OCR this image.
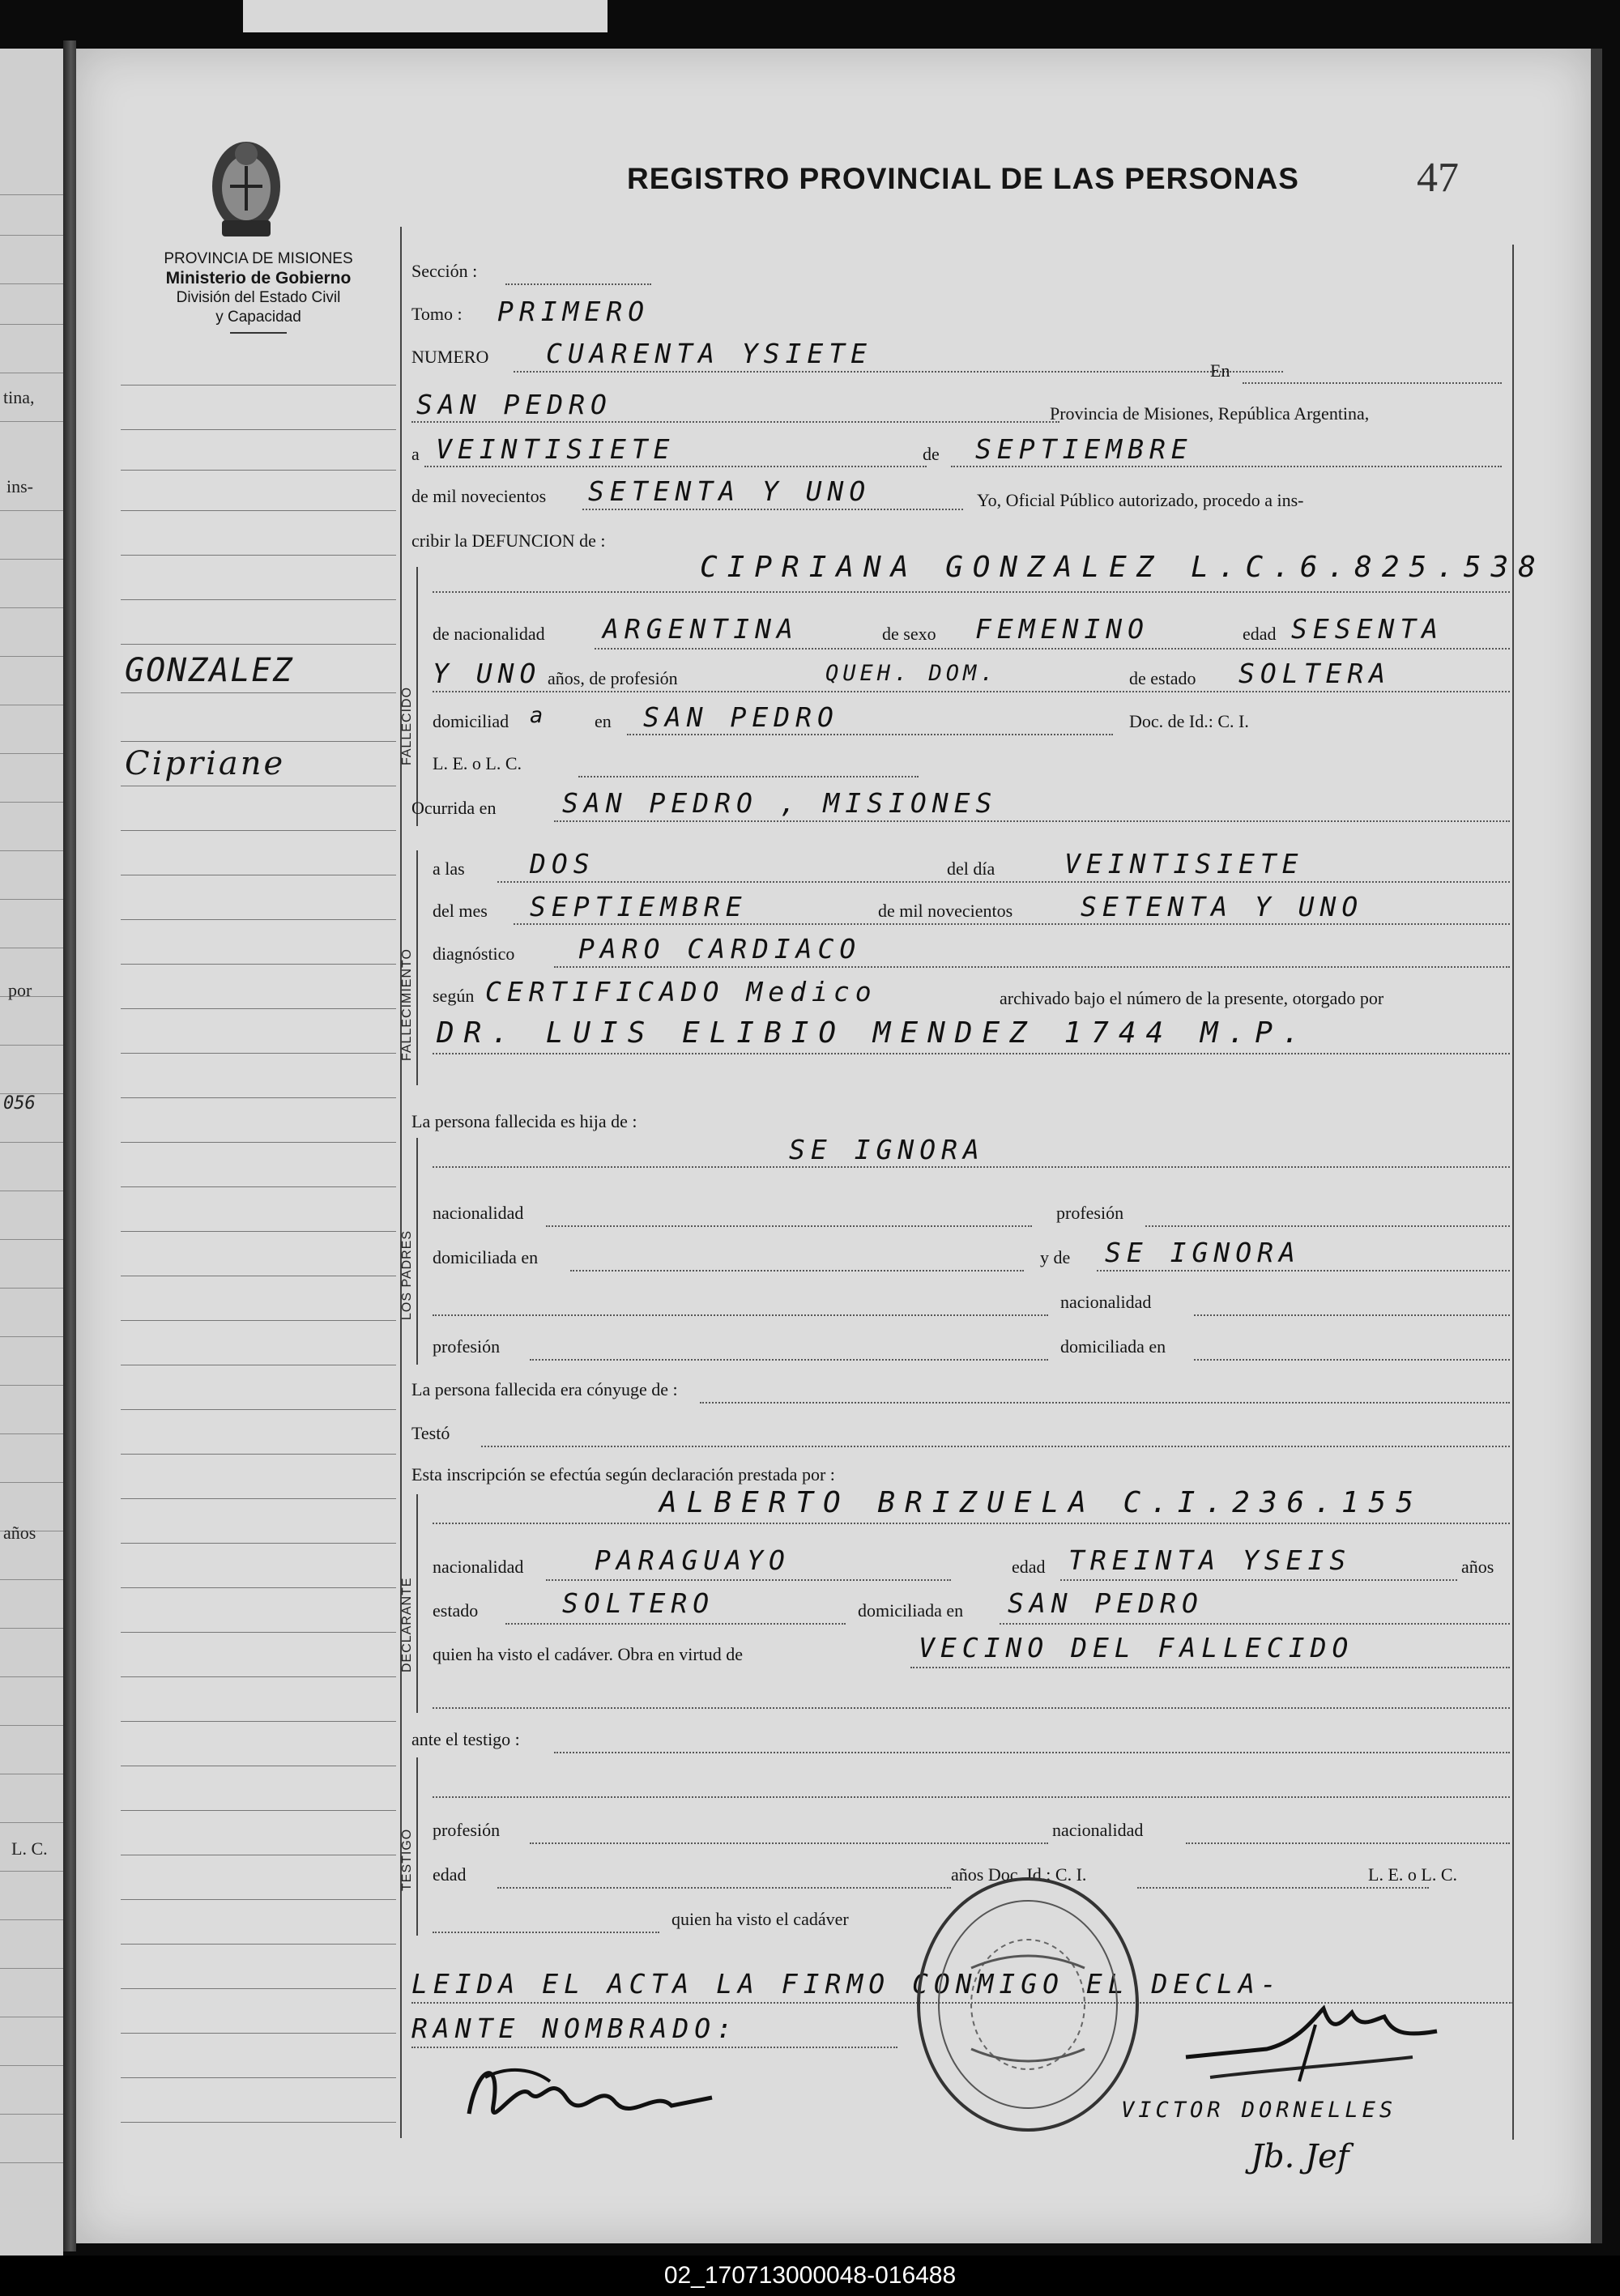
tina,
ins-
por
056
años
L. C.
PROVINCIA DE MISIONES
Ministerio de Gobierno
División del Estado Civil
y Capacidad
GONZALEZ
Cipriane
REGISTRO PROVINCIAL DE LAS PERSONAS	47
Sección :
Tomo : PRIMERO
NUMERO CUARENTA YSIETE
En
SAN PEDRO	Provincia de Misiones, República Argentina,
a VEINTISIETE	de SEPTIEMBRE
de mil novecientos SETENTA Y UNO	Yo, Oficial Público autorizado, procedo a ins-
cribir la DEFUNCION de :
FALLECIDO
CIPRIANA GONZALEZ L.C.6.825.538
de nacionalidad ARGENTINA	de sexo FEMENINO	edad SESENTA
Y UNO años, de profesión	QUEH. DOM.	de estado SOLTERA
domiciliad a	en SAN PEDRO	Doc. de Id.: C. I.
L. E. o L. C.
Ocurrida en SAN PEDRO , MISIONES
FALLECIMIENTO
a las DOS	del día	VEINTISIETE
del mes SEPTIEMBRE	de mil novecientos	SETENTA Y UNO
diagnóstico PARO CARDIACO
según CERTIFICADO Medico	archivado bajo el número de la presente, otorgado por
DR. LUIS ELIBIO MENDEZ 1744 M.P.
La persona fallecida es hija de :
LOS PADRES
SE IGNORA
nacionalidad	profesión
domiciliada en	y de SE IGNORA
nacionalidad
profesión	domiciliada en
La persona fallecida era cónyuge de :
Testó
Esta inscripción se efectúa según declaración prestada por :
DECLARANTE
ALBERTO BRIZUELA C.I.236.155
nacionalidad	PARAGUAYO	edad TREINTA YSEIS	años
estado	SOLTERO	domiciliada en SAN PEDRO
quien ha visto el cadáver. Obra en virtud de	VECINO DEL FALLECIDO
ante el testigo :
TESTIGO profesión	nacionalidad
edad	años Doc. Id.: C. I.	L. E. o L. C.
quien ha visto el cadáver
LEIDA EL ACTA LA FIRMO CONMIGO EL DECLA-
RANTE NOMBRADO:
VICTOR DORNELLES
Jb. Jef
02_170713000048-016488
